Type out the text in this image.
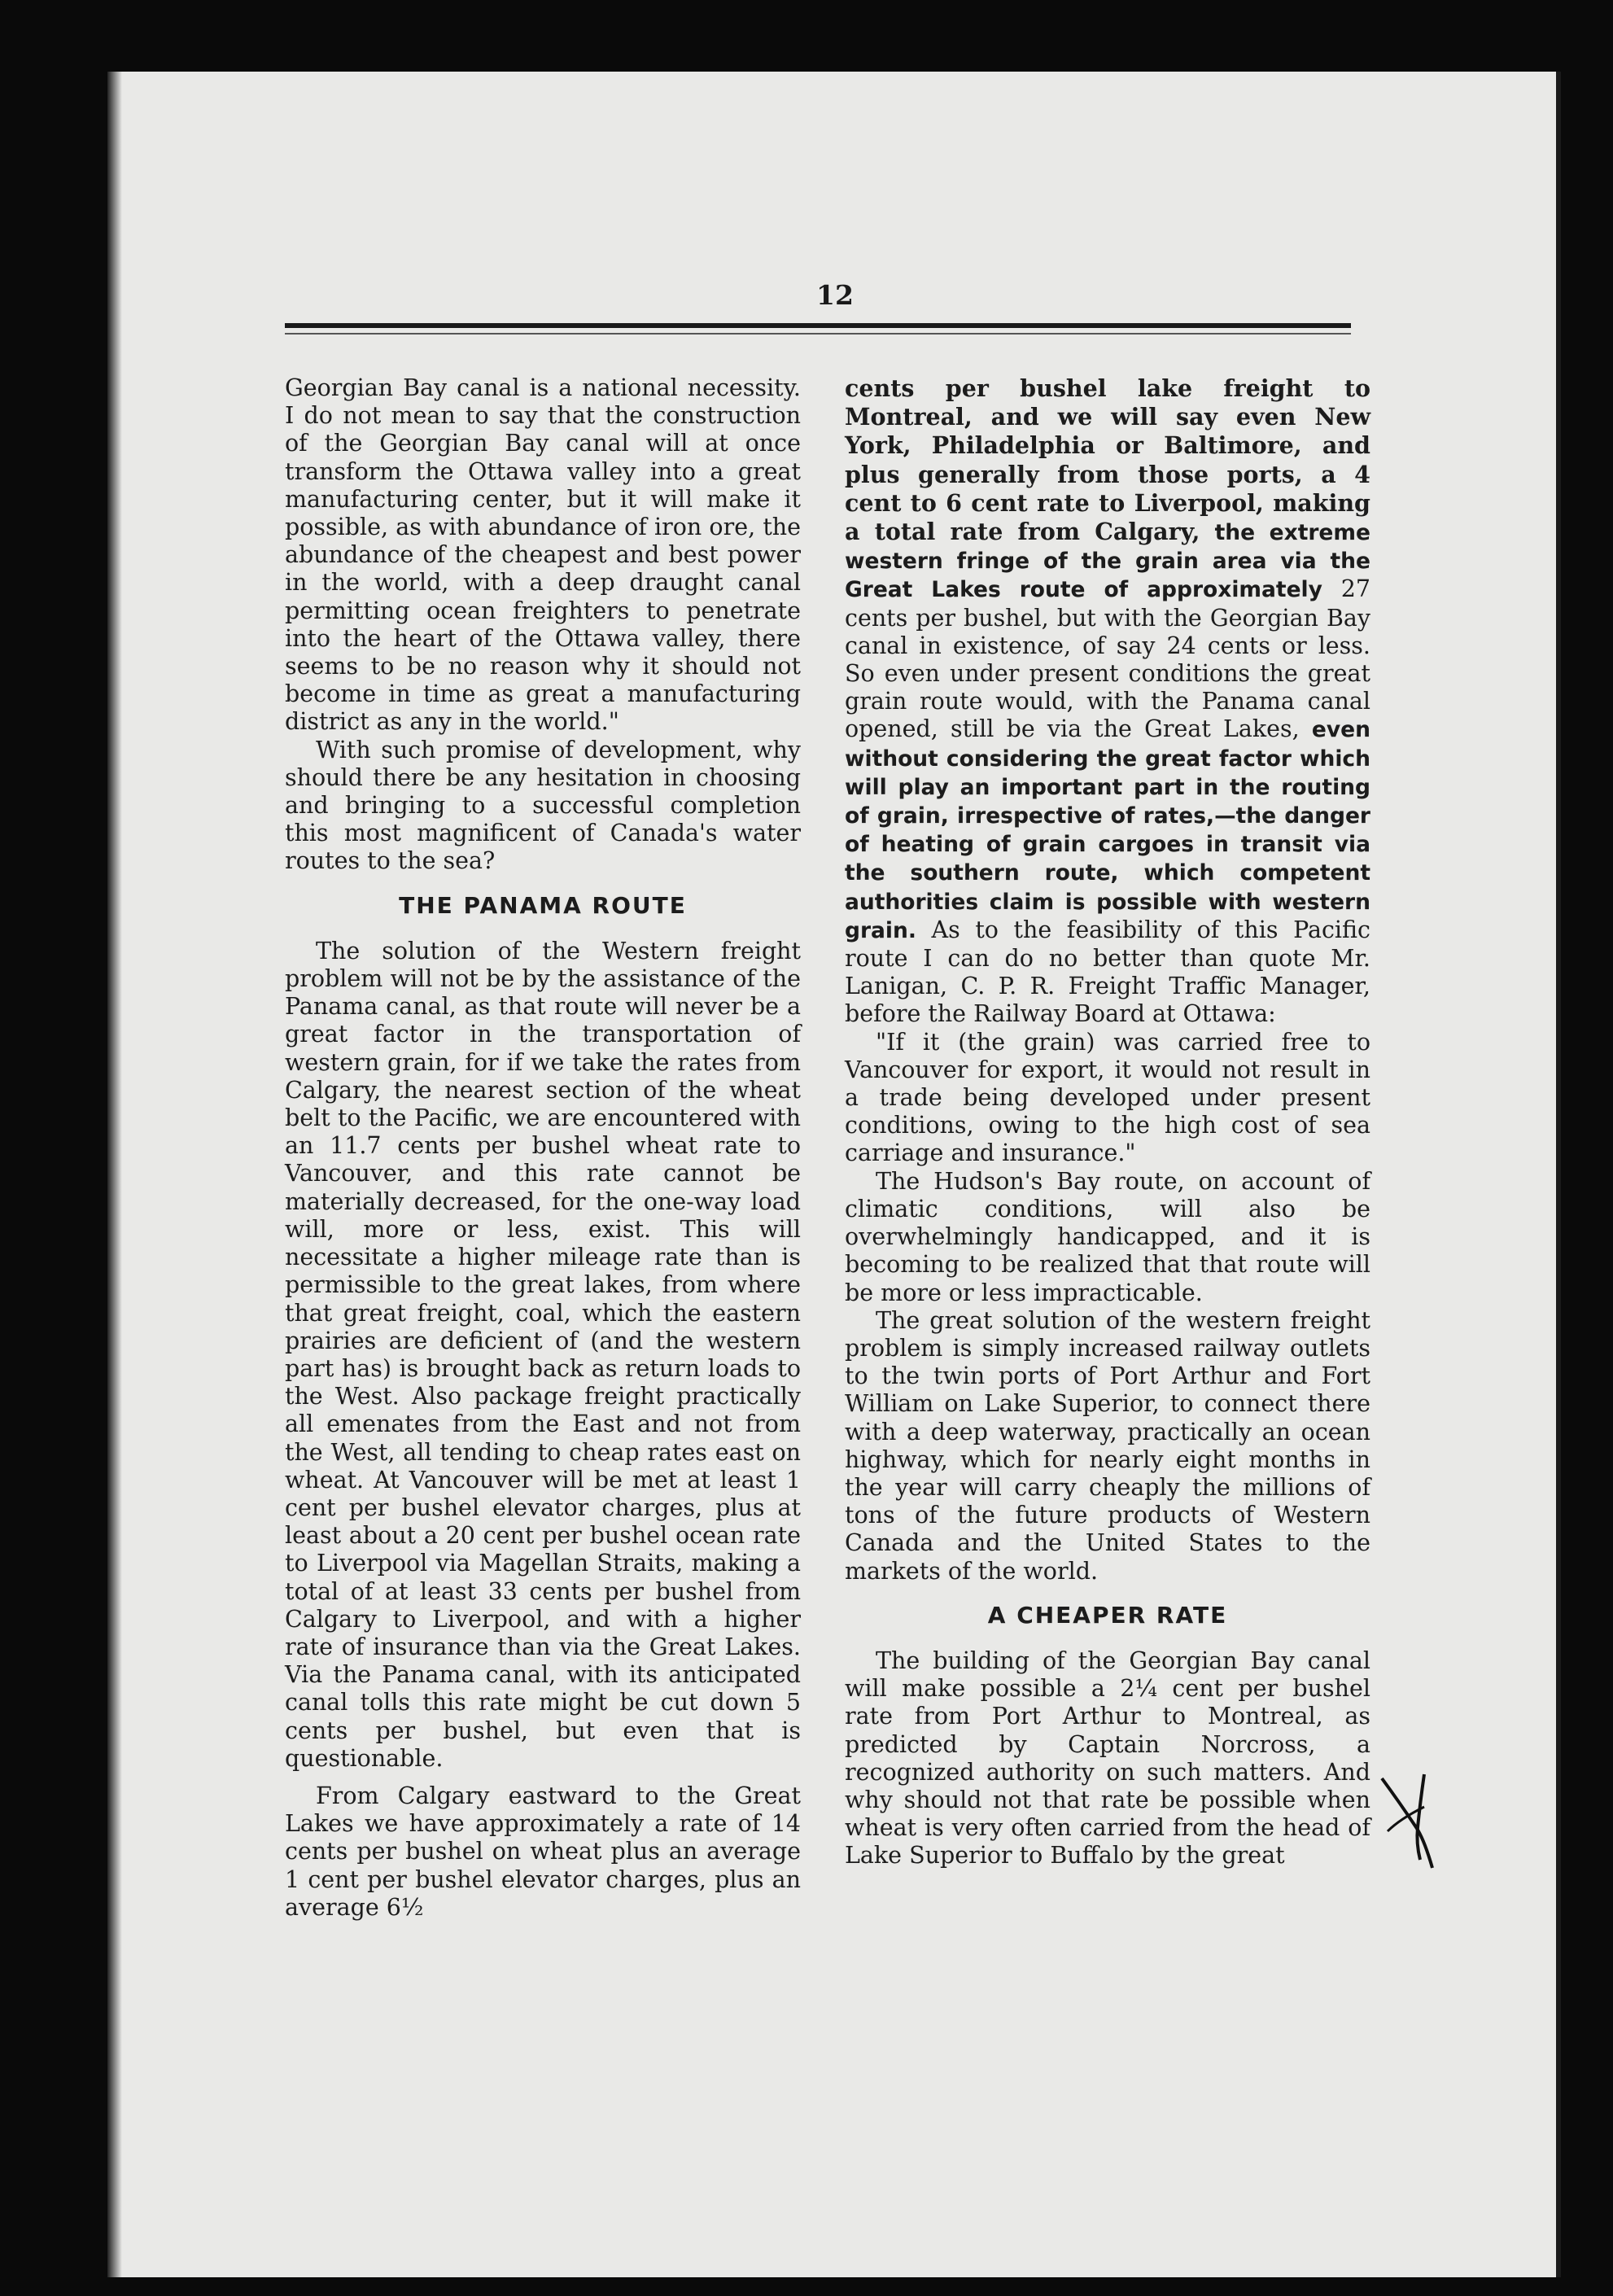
12

Georgian Bay canal is a national necessity. I do not mean to say that the construction of the Georgian Bay canal will at once transform the Ottawa valley into a great manufacturing center, but it will make it possible, as with abundance of iron ore, the abundance of the cheapest and best power in the world, with a deep draught canal permitting ocean freighters to penetrate into the heart of the Ottawa valley, there seems to be no reason why it should not become in time as great a manufacturing district as any in the world."

With such promise of development, why should there be any hesitation in choosing and bringing to a successful completion this most magnificent of Canada's water routes to the sea?

THE PANAMA ROUTE

The solution of the Western freight problem will not be by the assistance of the Panama canal, as that route will never be a great factor in the transportation of western grain, for if we take the rates from Calgary, the nearest section of the wheat belt to the Pacific, we are encountered with an 11.7 cents per bushel wheat rate to Vancouver, and this rate cannot be materially decreased, for the one-way load will, more or less, exist. This will necessitate a higher mileage rate than is permissible to the great lakes, from where that great freight, coal, which the eastern prairies are deficient of (and the western part has) is brought back as return loads to the West. Also package freight practically all emenates from the East and not from the West, all tending to cheap rates east on wheat. At Vancouver will be met at least 1 cent per bushel elevator charges, plus at least about a 20 cent per bushel ocean rate to Liverpool via Magellan Straits, making a total of at least 33 cents per bushel from Calgary to Liverpool, and with a higher rate of insurance than via the Great Lakes. Via the Panama canal, with its anticipated canal tolls this rate might be cut down 5 cents per bushel, but even that is questionable.

From Calgary eastward to the Great Lakes we have approximately a rate of 14 cents per bushel on wheat plus an average 1 cent per bushel elevator charges, plus an average 6½

cents per bushel lake freight to Montreal, and we will say even New York, Philadelphia or Baltimore, and plus generally from those ports, a 4 cent to 6 cent rate to Liverpool, making a total rate from Calgary, the extreme western fringe of the grain area via the Great Lakes route of approximately 27 cents per bushel, but with the Georgian Bay canal in existence, of say 24 cents or less. So even under present conditions the great grain route would, with the Panama canal opened, still be via the Great Lakes, even without considering the great factor which will play an important part in the routing of grain, irrespective of rates,—the danger of heating of grain cargoes in transit via the southern route, which competent authorities claim is possible with western grain. As to the feasibility of this Pacific route I can do no better than quote Mr. Lanigan, C. P. R. Freight Traffic Manager, before the Railway Board at Ottawa:

"If it (the grain) was carried free to Vancouver for export, it would not result in a trade being developed under present conditions, owing to the high cost of sea carriage and insurance."

The Hudson's Bay route, on account of climatic conditions, will also be overwhelmingly handicapped, and it is becoming to be realized that that route will be more or less impracticable.

The great solution of the western freight problem is simply increased railway outlets to the twin ports of Port Arthur and Fort William on Lake Superior, to connect there with a deep waterway, practically an ocean highway, which for nearly eight months in the year will carry cheaply the millions of tons of the future products of Western Canada and the United States to the markets of the world.

A CHEAPER RATE

The building of the Georgian Bay canal will make possible a 2¼ cent per bushel rate from Port Arthur to Montreal, as predicted by Captain Norcross, a recognized authority on such matters. And why should not that rate be possible when wheat is very often carried from the head of Lake Superior to Buffalo by the great
